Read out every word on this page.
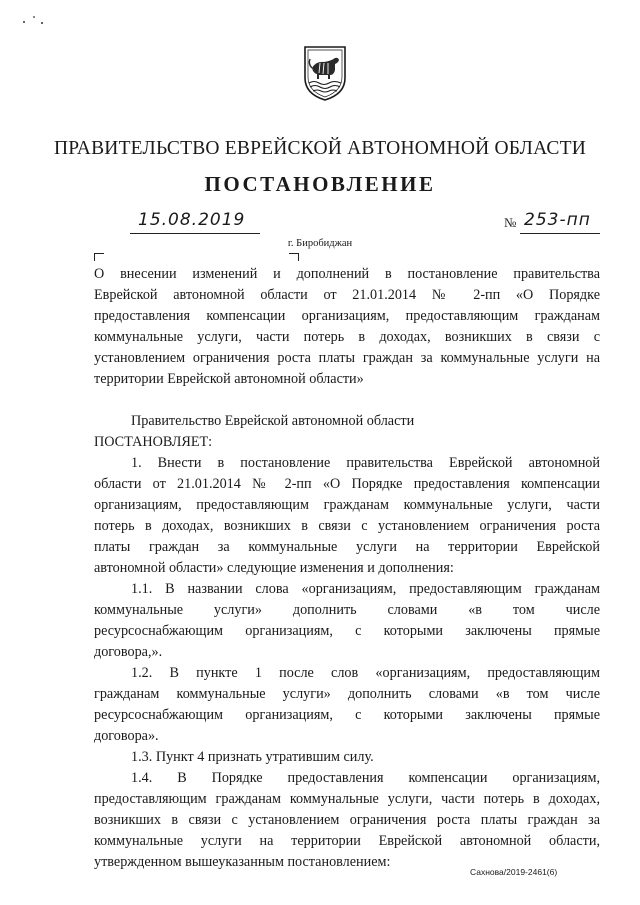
ПРАВИТЕЛЬСТВО ЕВРЕЙСКОЙ АВТОНОМНОЙ ОБЛАСТИ
ПОСТАНОВЛЕНИЕ
15.08.2019	№ 253-пп
г. Биробиджан
О внесении изменений и дополнений в постановление правительства
Еврейской автономной области от 21.01.2014 № 2-пп «О Порядке
предоставления компенсации организациям, предоставляющим гражданам
коммунальные услуги, части потерь в доходах, возникших в связи с
установлением ограничения роста платы граждан за коммунальные услуги на
территории Еврейской автономной области»
Правительство Еврейской автономной области
ПОСТАНОВЛЯЕТ:
1. Внести в постановление правительства Еврейской автономной
области от 21.01.2014 № 2-пп «О Порядке предоставления компенсации
организациям, предоставляющим гражданам коммунальные услуги, части
потерь в доходах, возникших в связи с установлением ограничения роста
платы граждан за коммунальные услуги на территории Еврейской
автономной области» следующие изменения и дополнения:
1.1. В названии слова «организациям, предоставляющим гражданам
коммунальные услуги» дополнить словами «в том числе
ресурсоснабжающим организациям, с которыми заключены прямые
договора,».
1.2. В пункте 1 после слов «организациям, предоставляющим
гражданам коммунальные услуги» дополнить словами «в том числе
ресурсоснабжающим организациям, с которыми заключены прямые
договора».
1.3. Пункт 4 признать утратившим силу.
1.4. В Порядке предоставления компенсации организациям,
предоставляющим гражданам коммунальные услуги, части потерь в доходах,
возникших в связи с установлением ограничения роста платы граждан за
коммунальные услуги на территории Еврейской автономной области,
утвержденном вышеуказанным постановлением:
Сахнова/2019-2461(6)
